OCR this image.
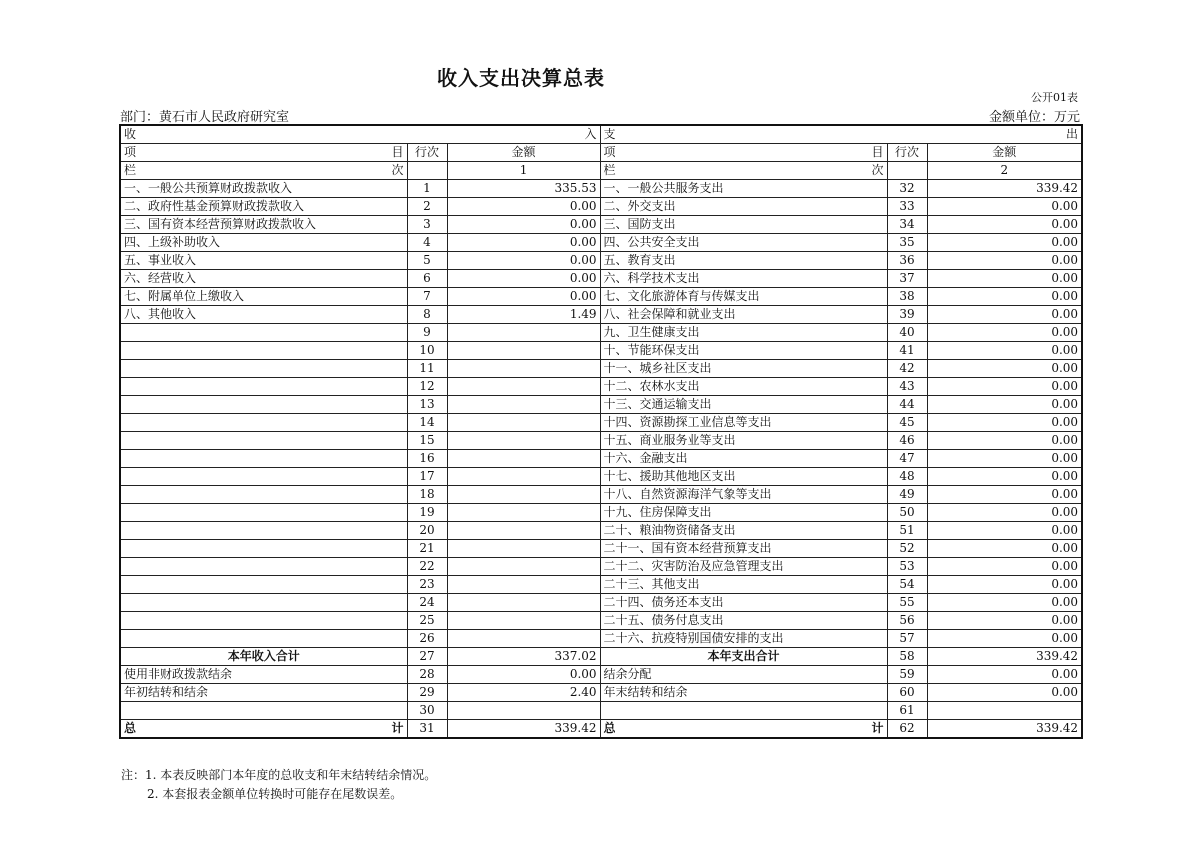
收入支出决算总表
公开01表
部门：黄石市人民政府研究室	金额单位：万元
收 入			支 出		

项 目	行次	金额	项 目	行次	金额

栏 次		1	栏 次		2
一、一般公共预算财政拨款收入	1	335.53	一、一般公共服务支出	32	339.42
二、政府性基金预算财政拨款收入	2	0.00	二、外交支出	33	0.00
三、国有资本经营预算财政拨款收入	3	0.00	三、国防支出	34	0.00
四、上级补助收入	4	0.00	四、公共安全支出	35	0.00
五、事业收入	5	0.00	五、教育支出	36	0.00
六、经营收入	6	0.00	六、科学技术支出	37	0.00
七、附属单位上缴收入	7	0.00	七、文化旅游体育与传媒支出	38	0.00
八、其他收入	8	1.49	八、社会保障和就业支出	39	0.00
	9		九、卫生健康支出	40	0.00
	10		十、节能环保支出	41	0.00
	11		十一、城乡社区支出	42	0.00
	12		十二、农林水支出	43	0.00
	13		十三、交通运输支出	44	0.00
	14		十四、资源勘探工业信息等支出	45	0.00
	15		十五、商业服务业等支出	46	0.00
	16		十六、金融支出	47	0.00
	17		十七、援助其他地区支出	48	0.00
	18		十八、自然资源海洋气象等支出	49	0.00
	19		十九、住房保障支出	50	0.00
	20		二十、粮油物资储备支出	51	0.00
	21		二十一、国有资本经营预算支出	52	0.00
	22		二十二、灾害防治及应急管理支出	53	0.00
	23		二十三、其他支出	54	0.00
	24		二十四、债务还本支出	55	0.00
	25		二十五、债务付息支出	56	0.00
	26		二十六、抗疫特别国债安排的支出	57	0.00
本年收入合计	27	337.02	本年支出合计	58	339.42
使用非财政拨款结余	28	0.00	结余分配	59	0.00
年初结转和结余	29	2.40	年末结转和结余	60	0.00
	30			61	

总 计	31	339.42	总 计	62	339.42
注：1. 本表反映部门本年度的总收支和年末结转结余情况。
2. 本套报表金额单位转换时可能存在尾数误差。
